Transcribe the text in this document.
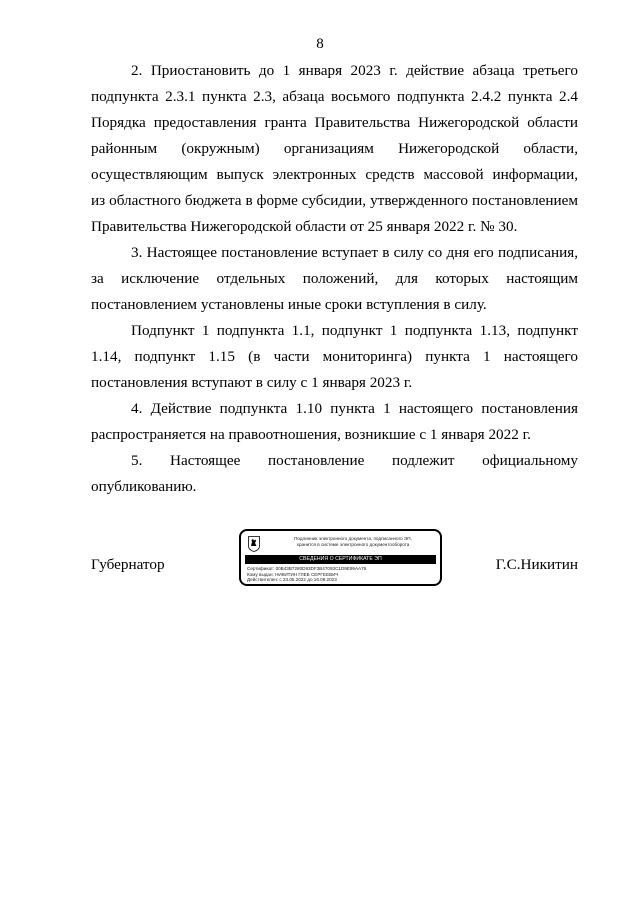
8
2. Приостановить до 1 января 2023 г. действие абзаца третьего
подпункта 2.3.1 пункта 2.3, абзаца восьмого подпункта 2.4.2 пункта 2.4
Порядка предоставления гранта Правительства Нижегородской области
районным (окружным) организациям Нижегородской области,
осуществляющим выпуск электронных средств массовой информации,
из областного бюджета в форме субсидии, утвержденного постановлением
Правительства Нижегородской области от 25 января 2022 г. № 30.
3. Настоящее постановление вступает в силу со дня его подписания,
за исключение отдельных положений, для которых настоящим
постановлением установлены иные сроки вступления в силу.
Подпункт 1 подпункта 1.1, подпункт 1 подпункта 1.13, подпункт
1.14, подпункт 1.15 (в части мониторинга) пункта 1 настоящего
постановления вступают в силу с 1 января 2023 г.
4. Действие подпункта 1.10 пункта 1 настоящего постановления
распространяется на правоотношения, возникшие с 1 января 2022 г.
5. Настоящее постановление подлежит официальному
опубликованию.
Губернатор
Подлинник электронного документа, подписанного ЭП,
хранится в системе электронного документооборота
СВЕДЕНИЯ О СЕРТИФИКАТЕ ЭП
Сертификат: 00B43B7280D93DF3B47093C1D9E99AA76
Кому выдан: НИКИТИН ГЛЕБ СЕРГЕЕВИЧ
Действителен: с 23.05.2022 до 16.08.2023
Г.С.Никитин
